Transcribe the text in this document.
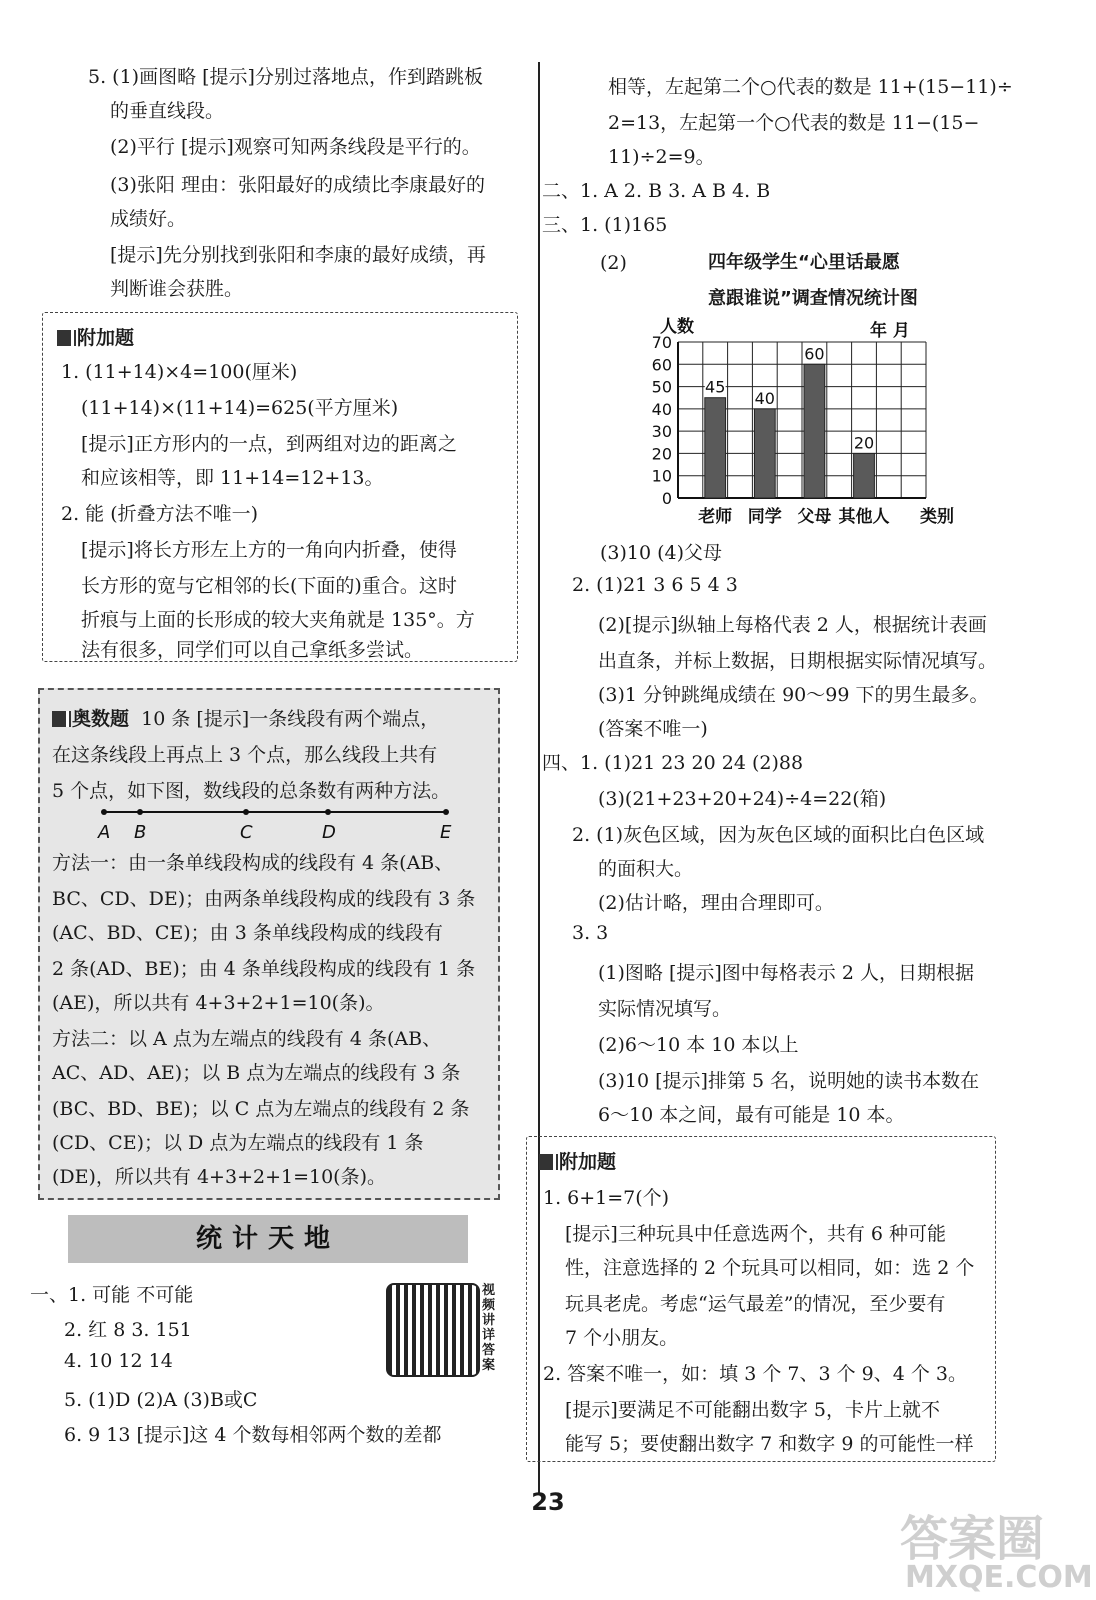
5. (1)画图略 [提示]分别过落地点，作到踏跳板
的垂直线段。
(2)平行 [提示]观察可知两条线段是平行的。
(3)张阳 理由：张阳最好的成绩比李康最好的
成绩好。
[提示]先分别找到张阳和李康的最好成绩，再
判断谁会获胜。
附加题
1. (11+14)×4=100(厘米)
(11+14)×(11+14)=625(平方厘米)
[提示]正方形内的一点，到两组对边的距离之
和应该相等，即 11+14=12+13。
2. 能 (折叠方法不唯一)
[提示]将长方形左上方的一角向内折叠，使得
长方形的宽与它相邻的长(下面的)重合。这时
折痕与上面的长形成的较大夹角就是 135°。方
法有很多，同学们可以自己拿纸多尝试。
奥数题 10 条 [提示]一条线段有两个端点，
在这条线段上再点上 3 个点，那么线段上共有
5 个点，如下图，数线段的总条数有两种方法。
A B	C	D	E
方法一：由一条单线段构成的线段有 4 条(AB、
BC、CD、DE)；由两条单线段构成的线段有 3 条
(AC、BD、CE)；由 3 条单线段构成的线段有
2 条(AD、BE)；由 4 条单线段构成的线段有 1 条
(AE)，所以共有 4+3+2+1=10(条)。
方法二：以 A 点为左端点的线段有 4 条(AB、
AC、AD、AE)；以 B 点为左端点的线段有 3 条
(BC、BD、BE)；以 C 点为左端点的线段有 2 条
(CD、CE)；以 D 点为左端点的线段有 1 条
(DE)，所以共有 4+3+2+1=10(条)。
统计天地
一、1. 可能 不可能
2. 红 8 3. 151
4. 10 12 14
5. (1)D (2)A (3)B或C
6. 9 13 [提示]这 4 个数每相邻两个数的差都
视频讲详答案
相等，左起第二个○代表的数是 11+(15−11)÷
2=13，左起第一个○代表的数是 11−(15−
11)÷2=9。
二、1. A 2. B 3. A B 4. B
三、1. (1)165
(2)	四年级学生“心里话最愿
意跟谁说”调查情况统计图
0
10
20
30
40
50
60
70
人数	年 月
类别
45
老师
40
同学
60
父母
20
其他人
(3)10 (4)父母
2. (1)21 3 6 5 4 3
(2)[提示]纵轴上每格代表 2 人，根据统计表画
出直条，并标上数据，日期根据实际情况填写。
(3)1 分钟跳绳成绩在 90～99 下的男生最多。
(答案不唯一)
四、1. (1)21 23 20 24 (2)88
(3)(21+23+20+24)÷4=22(箱)
2. (1)灰色区域，因为灰色区域的面积比白色区域
的面积大。
(2)估计略，理由合理即可。
3. 3
(1)图略 [提示]图中每格表示 2 人，日期根据
实际情况填写。
(2)6～10 本 10 本以上
(3)10 [提示]排第 5 名，说明她的读书本数在
6～10 本之间，最有可能是 10 本。
附加题
1. 6+1=7(个)
[提示]三种玩具中任意选两个，共有 6 种可能
性，注意选择的 2 个玩具可以相同，如：选 2 个
玩具老虎。考虑“运气最差”的情况，至少要有
7 个小朋友。
2. 答案不唯一，如：填 3 个 7、3 个 9、4 个 3。
[提示]要满足不可能翻出数字 5，卡片上就不
能写 5；要使翻出数字 7 和数字 9 的可能性一样
23
答案圈
MXQE.COM
